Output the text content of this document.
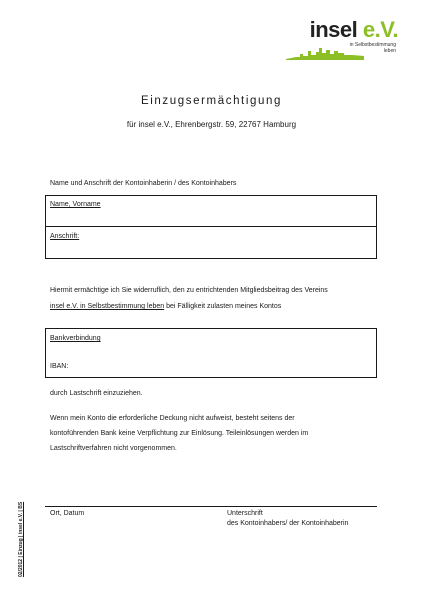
insel e.V.
in Selbstbestimmung
leben
Einzugsermächtigung
für insel e.V., Ehrenbergstr. 59, 22767 Hamburg
Name und Anschrift der Kontoinhaberin / des Kontoinhabers
Name, Vorname
Anschrift:
Hiermit ermächtige ich Sie widerruflich, den zu entrichtenden Mitgliedsbeitrag des Vereins
insel e.V. in Selbstbestimmung leben bei Fälligkeit zulasten meines Kontos
Bankverbindung
IBAN:
durch Lastschrift einzuziehen.
Wenn mein Konto die erforderliche Deckung nicht aufweist, besteht seitens der
kontoführenden Bank keine Verpflichtung zur Einlösung. Teileinlösungen werden im
Lastschriftverfahren nicht vorgenommen.
Ort, Datum	Unterschrift
des Kontoinhabers/ der Kontoinhaberin
02/2012 | Einzug | insel e.V. | BS
